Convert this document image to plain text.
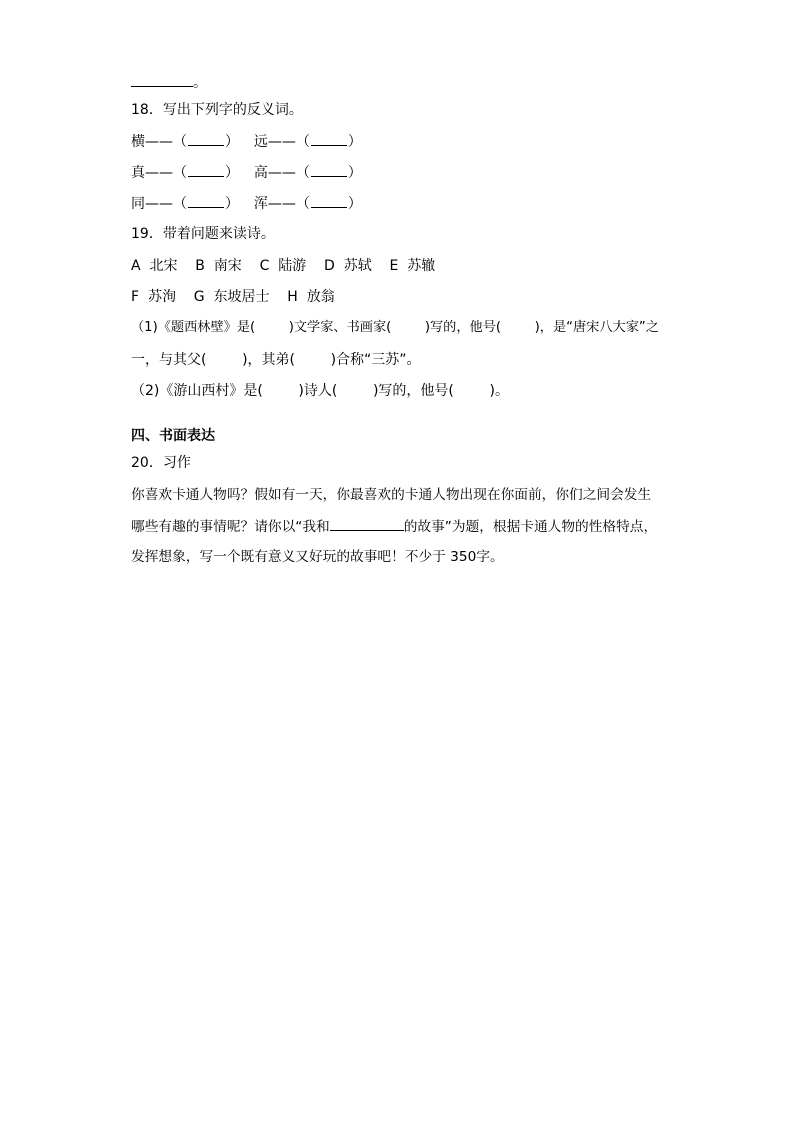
。
18．写出下列字的反义词。
横——（	） 远——（	）
真——（	） 高——（	）
同——（	） 浑——（	）
19．带着问题来读诗。
A  北宋    B  南宋    C  陆游    D  苏轼    E  苏辙
F  苏洵    G  东坡居士    H  放翁
（1)《题西林壁》是(        )文学家、书画家(        )写的，他号(        )，是“唐宋八大家”之
一，与其父(        )，其弟(        )合称“三苏”。
（2)《游山西村》是(        )诗人(        )写的，他号(        )。
四、书面表达
20．习作
你喜欢卡通人物吗？假如有一天，你最喜欢的卡通人物出现在你面前，你们之间会发生
哪些有趣的事情呢？请你以“我和	的故事”为题，根据卡通人物的性格特点，
发挥想象，写一个既有意义又好玩的故事吧！不少于 350字。
